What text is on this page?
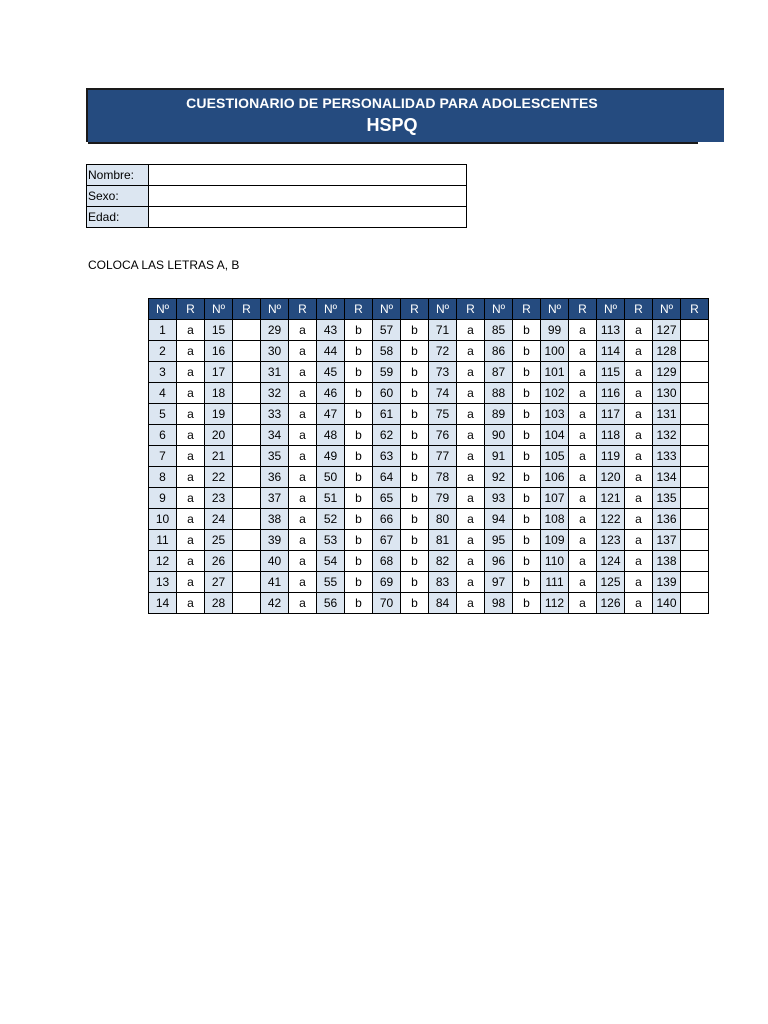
CUESTIONARIO DE PERSONALIDAD PARA ADOLESCENTES
HSPQ
Nombre:	
Sexo:	
Edad:	
COLOCA LAS LETRAS A, B
Nº	R	Nº	R	Nº	R	Nº	R	Nº	R	Nº	R	Nº	R	Nº	R	Nº	R	Nº	R
1	a	15		29	a	43	b	57	b	71	a	85	b	99	a	113	a	127	
2	a	16		30	a	44	b	58	b	72	a	86	b	100	a	114	a	128	
3	a	17		31	a	45	b	59	b	73	a	87	b	101	a	115	a	129	
4	a	18		32	a	46	b	60	b	74	a	88	b	102	a	116	a	130	
5	a	19		33	a	47	b	61	b	75	a	89	b	103	a	117	a	131	
6	a	20		34	a	48	b	62	b	76	a	90	b	104	a	118	a	132	
7	a	21		35	a	49	b	63	b	77	a	91	b	105	a	119	a	133	
8	a	22		36	a	50	b	64	b	78	a	92	b	106	a	120	a	134	
9	a	23		37	a	51	b	65	b	79	a	93	b	107	a	121	a	135	
10	a	24		38	a	52	b	66	b	80	a	94	b	108	a	122	a	136	
11	a	25		39	a	53	b	67	b	81	a	95	b	109	a	123	a	137	
12	a	26		40	a	54	b	68	b	82	a	96	b	110	a	124	a	138	
13	a	27		41	a	55	b	69	b	83	a	97	b	111	a	125	a	139	
14	a	28		42	a	56	b	70	b	84	a	98	b	112	a	126	a	140	
